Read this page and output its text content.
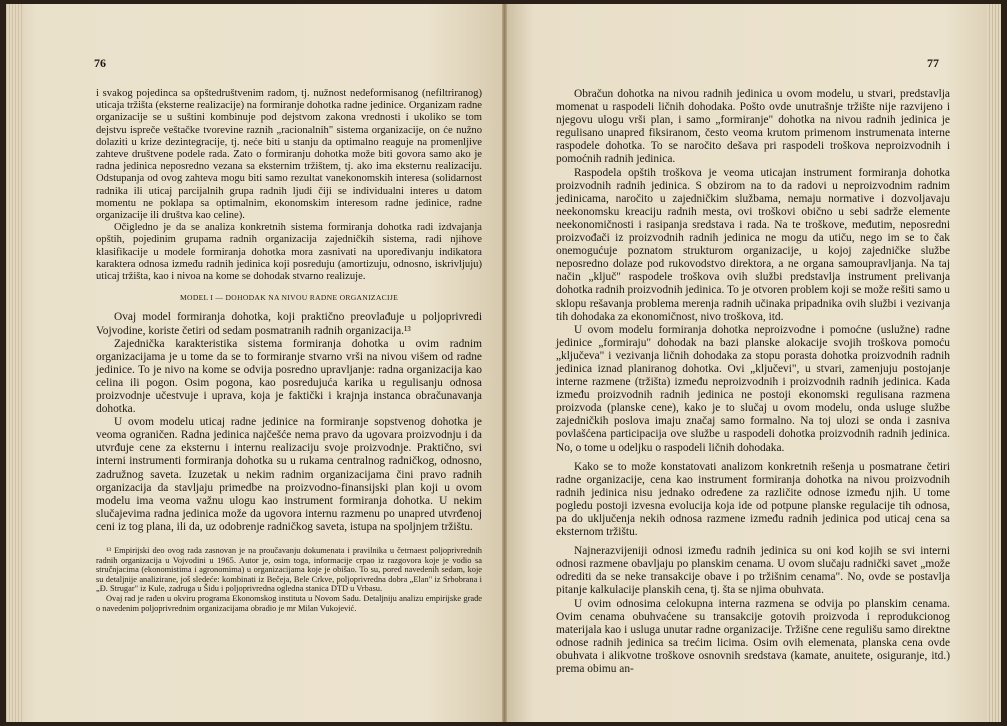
76

i svakog pojedinca sa opštedruštvenim radom, tj. nužnost nedeformisanog (nefiltriranog) uticaja tržišta (eksterne realizacije) na formiranje dohotka radne jedinice. Organizam radne organizacije se u suštini kombinuje pod dejstvom zakona vrednosti i ukoliko se tom dejstvu isprečе veštačke tvorevine raznih „racionalnih" sistema organizacije, on će nužno dolaziti u krize dezintegracije, tj. neće biti u stanju da optimalno reaguje na promenljive zahteve društvene podele rada. Zato o formiranju dohotka može biti govora samo ako je radna jedinica neposredno vezana sa eksternim tržištem, tj. ako ima eksternu realizaciju. Odstupanja od ovog zahteva mogu biti samo rezultat vanekonomskih interesa (solidarnost radnika ili uticaj parcijalnih grupa radnih ljudi čiji se individualni interes u datom momentu ne poklapa sa optimalnim, ekonomskim interesom radne jedinice, radne organizacije ili društva kao celine).

Očigledno je da se analiza konkretnih sistema formiranja dohotka radi izdvajanja opštih, pojedinim grupama radnih organizacija zajedničkih sistema, radi njihove klasifikacije u modele formiranja dohotka mora zasnivati na upoređivanju indikatora karaktera odnosa između radnih jedinica koji posreduju (amortizuju, odnosno, iskrivljuju) uticaj tržišta, kao i nivoa na kome se dohodak stvarno realizuje.

MODEL I — DOHODAK NA NIVOU RADNE ORGANIZACIJE

Ovaj model formiranja dohotka, koji praktično preovlađuje u poljoprivredi Vojvodine, koriste četiri od sedam posmatranih radnih organizacija.¹³

Zajednička karakteristika sistema formiranja dohotka u ovim radnim organizacijama je u tome da se to formiranje stvarno vrši na nivou višem od radne jedinice. To je nivo na kome se odvija posredno upravljanje: radna organizacija kao celina ili pogon. Osim pogona, kao posredujuća karika u regulisanju odnosa proizvodnje učestvuje i uprava, koja je faktički i krajnja instanca obračunavanja dohotka.

U ovom modelu uticaj radne jedinice na formiranje sopstvenog dohotka je veoma ograničen. Radna jedinica najčešće nema pravo da ugovara proizvodnju i da utvrđuje cene za eksternu i internu realizaciju svoje proizvodnje. Praktično, svi interni instrumenti formiranja dohotka su u rukama centralnog radničkog, odnosno, zadružnog saveta. Izuzetak u nekim radnim organizacijama čini pravo radnih organizacija da stavljaju primedbe na proizvodno-finansijski plan koji u ovom modelu ima veoma važnu ulogu kao instrument formiranja dohotka. U nekim slučajevima radna jedinica može da ugovora internu razmenu po unapred utvrđenoj ceni iz tog plana, ili da, uz odobrenje radničkog saveta, istupa na spoljnjem tržištu.

¹³ Empirijski deo ovog rada zasnovan je na proučavanju dokumenata i pravilnika u četrnaest poljoprivrednih radnih organizacija u Vojvodini u 1965. Autor je, osim toga, informacije crpao iz razgovora koje je vodio sa stručnjacima (ekonomistima i agronomima) u organizacijama koje je obišao. To su, pored navedenih sedam, koje su detaljnije analizirane, još sledeće: kombinati iz Bečeja, Bele Crkve, poljoprivredna dobra „Elan" iz Srbobrana i „Đ. Strugar" iz Kule, zadruga u Šidu i poljoprivredna ogledna stanica DTD u Vrbasu.

Ovaj rad je rađen u okviru programa Ekonomskog instituta u Novom Sadu. Detaljniju analizu empirijske građe o navedenim poljoprivrednim organizacijama obradio je mr Milan Vukojević.

77

Obračun dohotka na nivou radnih jedinica u ovom modelu, u stvari, predstavlja momenat u raspodeli ličnih dohodaka. Pošto ovde unutrašnje tržište nije razvijeno i njegovu ulogu vrši plan, i samo „formiranje" dohotka na nivou radnih jedinica je regulisano unapred fiksiranom, često veoma krutom primenom instrumenata interne raspodele dohotka. To se naročito dešava pri raspodeli troškova neproizvodnih i pomoćnih radnih jedinica.

Raspodela opštih troškova je veoma uticajan instrument formiranja dohotka proizvodnih radnih jedinica. S obzirom na to da radovi u neproizvodnim radnim jedinicama, naročito u zajedničkim službama, nemaju normative i dozvoljavaju neekonomsku kreaciju radnih mesta, ovi troškovi obično u sebi sadrže elemente neekonomičnosti i rasipanja sredstava i rada. Na te troškove, međutim, neposredni proizvođači iz proizvodnih radnih jedinica ne mogu da utiču, nego im se to čak onemogućuje poznatom strukturom organizacije, u kojoj zajedničke službe neposredno dolaze pod rukovodstvo direktora, a ne organa samoupravljanja. Na taj način „ključ" raspodele troškova ovih službi predstavlja instrument prelivanja dohotka radnih proizvodnih jedinica. To je otvoren problem koji se može rešiti samo u sklopu rešavanja problema merenja radnih učinaka pripadnika ovih službi i vezivanja tih dohodaka za ekonomičnost, nivo troškova, itd.

U ovom modelu formiranja dohotka neproizvodne i pomoćne (uslužne) radne jedinice „formiraju" dohodak na bazi planske alokacije svojih troškova pomoću „ključeva" i vezivanja ličnih dohodaka za stopu porasta dohotka proizvodnih radnih jedinica iznad planiranog dohotka. Ovi „ključevi", u stvari, zamenjuju postojanje interne razmene (tržišta) između neproizvodnih i proizvodnih radnih jedinica. Kada između proizvodnih radnih jedinica ne postoji ekonomski regulisana razmena proizvoda (planske cene), kako je to slučaj u ovom modelu, onda usluge službe zajedničkih poslova imaju značaj samo formalno. Na toj ulozi se onda i zasniva povlašćena participacija ove službe u raspodeli dohotka proizvodnih radnih jedinica. No, o tome u odeljku o raspodeli ličnih dohodaka.

Kako se to može konstatovati analizom konkretnih rešenja u posmatrane četiri radne organizacije, cena kao instrument formiranja dohotka na nivou proizvodnih radnih jedinica nisu jednako određene za različite odnose između njih. U tome pogledu postoji izvesna evolucija koja ide od potpune planske regulacije tih odnosa, pa do uključenja nekih odnosa razmene između radnih jedinica pod uticaj cena sa eksternom tržištu.

Najnerazvijeniji odnosi između radnih jedinica su oni kod kojih se svi interni odnosi razmene obavljaju po planskim cenama. U ovom slučaju radnički savet „može odrediti da se neke transakcije obave i po tržišnim cenama". No, ovde se postavlja pitanje kalkulacije planskih cena, tj. šta se njima obuhvata.

U ovim odnosima celokupna interna razmena se odvija po planskim cenama. Ovim cenama obuhvaćene su transakcije gotovih proizvoda i reprodukcionog materijala kao i usluga unutar radne organizacije. Tržišne cene regulišu samo direktne odnose radnih jedinica sa trećim licima. Osim ovih elemenata, planska cena ovde obuhvata i alikvotne troškove osnovnih sredstava (kamate, anuitete, osiguranje, itd.) prema obimu an-
